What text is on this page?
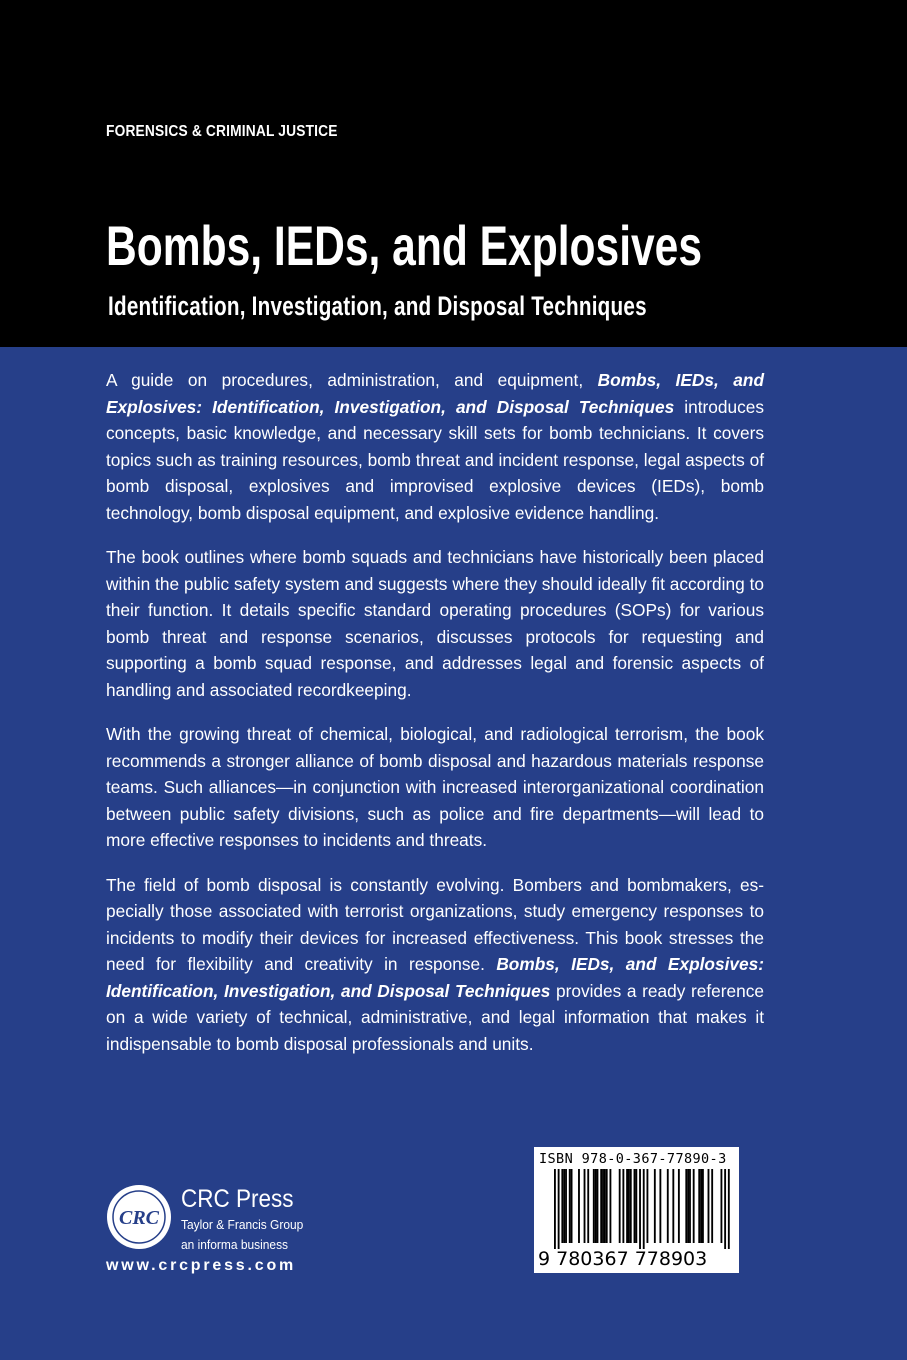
FORENSICS & CRIMINAL JUSTICE
Bombs, IEDs, and Explosives
Identification, Investigation, and Disposal Techniques

A guide on procedures, administration, and equipment, Bombs, IEDs, and Explosives: Identification, Investigation, and Disposal Techniques introduces concepts, basic knowledge, and necessary skill sets for bomb technicians. It covers topics such as training resources, bomb threat and incident response, legal aspects of bomb disposal, explosives and improvised explosive devices (IEDs), bomb technology, bomb disposal equipment, and explosive evidence handling.

The book outlines where bomb squads and technicians have historically been placed within the public safety system and suggests where they should ideally fit according to their function. It details specific standard operating procedures (SOPs) for various bomb threat and response scenarios, discusses protocols for requesting and supporting a bomb squad response, and addresses legal and forensic aspects of handling and associated recordkeeping.

With the growing threat of chemical, biological, and radiological terrorism, the book recommends a stronger alliance of bomb disposal and hazardous materials response teams. Such alliances—in conjunction with increased interorganizational coordination between public safety divisions, such as police and fire departments—will lead to more effective responses to incidents and threats.

The field of bomb disposal is constantly evolving. Bombers and bombmakers, especially those associated with terrorist organizations, study emergency responses to incidents to modify their devices for increased effectiveness. This book stresses the need for flexibility and creativity in response. Bombs, IEDs, and Explosives: Identification, Investigation, and Disposal Techniques provides a ready reference on a wide variety of technical, administrative, and legal information that makes it indispensable to bomb disposal professionals and units.

CRC
CRC Press
Taylor & Francis Group
an informa business
www.crcpress.com
ISBN 978-0-367-77890-3
9 780367 778903
